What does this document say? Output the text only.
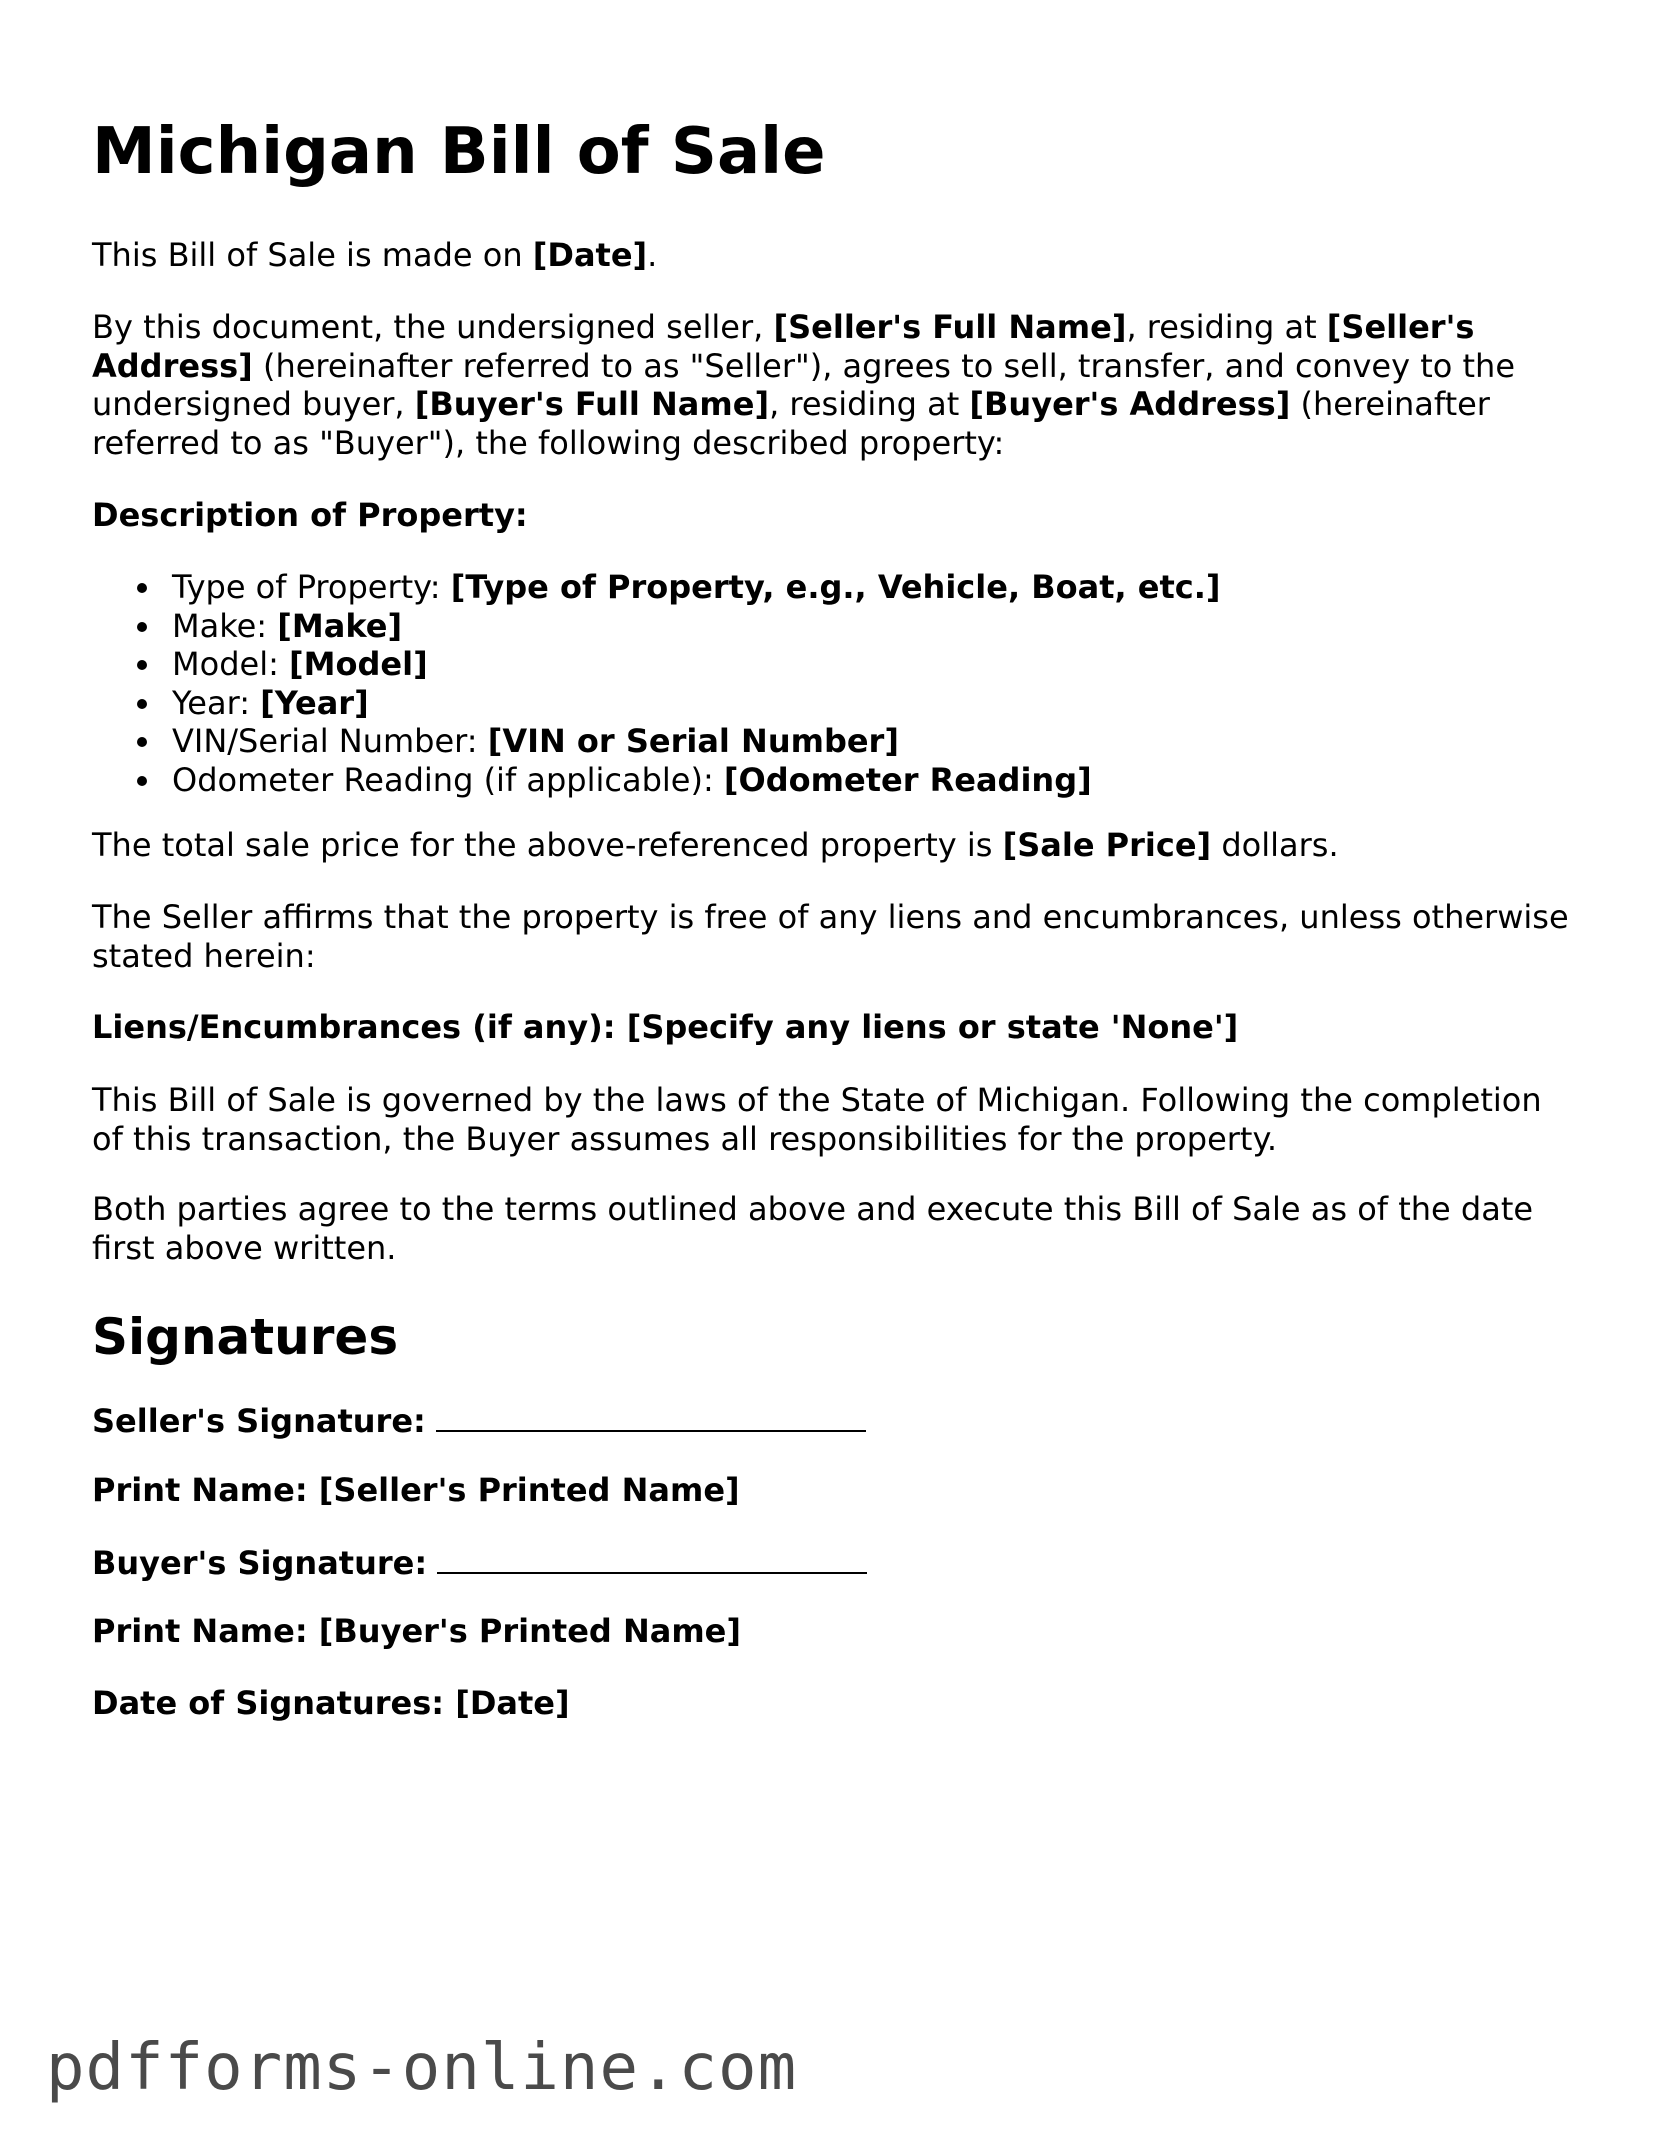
Michigan Bill of Sale

This Bill of Sale is made on [Date].

By this document, the undersigned seller, [Seller's Full Name], residing at [Seller's Address] (hereinafter referred to as "Seller"), agrees to sell, transfer, and convey to the undersigned buyer, [Buyer's Full Name], residing at [Buyer's Address] (hereinafter referred to as "Buyer"), the following described property:

Description of Property:

Type of Property: [Type of Property, e.g., Vehicle, Boat, etc.]
Make: [Make]
Model: [Model]
Year: [Year]
VIN/Serial Number: [VIN or Serial Number]
Odometer Reading (if applicable): [Odometer Reading]

The total sale price for the above-referenced property is [Sale Price] dollars.

The Seller affirms that the property is free of any liens and encumbrances, unless otherwise stated herein:

Liens/Encumbrances (if any): [Specify any liens or state 'None']

This Bill of Sale is governed by the laws of the State of Michigan. Following the completion of this transaction, the Buyer assumes all responsibilities for the property.

Both parties agree to the terms outlined above and execute this Bill of Sale as of the date first above written.

Signatures

Seller's Signature:

Print Name: [Seller's Printed Name]

Buyer's Signature:

Print Name: [Buyer's Printed Name]

Date of Signatures: [Date]

pdfforms-online.com
